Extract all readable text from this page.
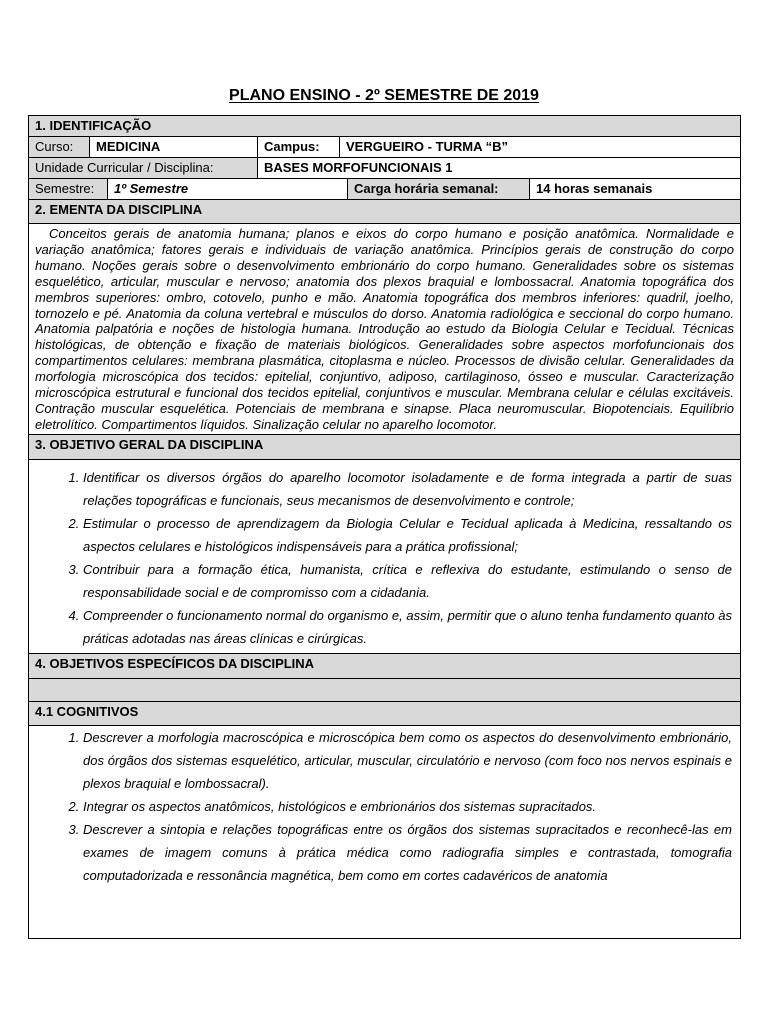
PLANO ENSINO - 2º SEMESTRE DE 2019
1. IDENTIFICAÇÃO
Curso:	MEDICINA	Campus:	VERGUEIRO - TURMA “B”
Unidade Curricular / Disciplina:	BASES MORFOFUNCIONAIS 1
Semestre:	1º Semestre	Carga horária semanal:	14 horas semanais
2. EMENTA DA DISCIPLINA
Conceitos gerais de anatomia humana; planos e eixos do corpo humano e posição anatômica. Normalidade e variação anatômica; fatores gerais e individuais de variação anatômica. Princípios gerais de construção do corpo humano. Noções gerais sobre o desenvolvimento embrionário do corpo humano. Generalidades sobre os sistemas esquelético, articular, muscular e nervoso; anatomia dos plexos braquial e lombossacral. Anatomia topográfica dos membros superiores: ombro, cotovelo, punho e mão. Anatomia topográfica dos membros inferiores: quadril, joelho, tornozelo e pé. Anatomia da coluna vertebral e músculos do dorso. Anatomia radiológica e seccional do corpo humano. Anatomia palpatória e noções de histologia humana. Introdução ao estudo da Biologia Celular e Tecidual. Técnicas histológicas, de obtenção e fixação de materiais biológicos. Generalidades sobre aspectos morfofuncionais dos compartimentos celulares: membrana plasmática, citoplasma e núcleo. Processos de divisão celular. Generalidades da morfologia microscópica dos tecidos: epitelial, conjuntivo, adiposo, cartilaginoso, ósseo e muscular. Caracterização microscópica estrutural e funcional dos tecidos epitelial, conjuntivos e muscular. Membrana celular e células excitáveis. Contração muscular esquelética. Potenciais de membrana e sinapse. Placa neuromuscular. Biopotenciais. Equilíbrio eletrolítico. Compartimentos líquidos. Sinalização celular no aparelho locomotor.
3. OBJETIVO GERAL DA DISCIPLINA
1. Identificar os diversos órgãos do aparelho locomotor isoladamente e de forma integrada a partir de suas relações topográficas e funcionais, seus mecanismos de desenvolvimento e controle;
2. Estimular o processo de aprendizagem da Biologia Celular e Tecidual aplicada à Medicina, ressaltando os aspectos celulares e histológicos indispensáveis para a prática profissional;
3. Contribuir para a formação ética, humanista, crítica e reflexiva do estudante, estimulando o senso de responsabilidade social e de compromisso com a cidadania.
4. Compreender o funcionamento normal do organismo e, assim, permitir que o aluno tenha fundamento quanto às práticas adotadas nas áreas clínicas e cirúrgicas.
4. OBJETIVOS ESPECÍFICOS DA DISCIPLINA
4.1 COGNITIVOS
1. Descrever a morfologia macroscópica e microscópica bem como os aspectos do desenvolvimento embrionário, dos órgãos dos sistemas esquelético, articular, muscular, circulatório e nervoso (com foco nos nervos espinais e plexos braquial e lombossacral).
2. Integrar os aspectos anatômicos, histológicos e embrionários dos sistemas supracitados.
3. Descrever a sintopia e relações topográficas entre os órgãos dos sistemas supracitados e reconhecê-las em exames de imagem comuns à prática médica como radiografia simples e contrastada, tomografia computadorizada e ressonância magnética, bem como em cortes cadavéricos de anatomia
